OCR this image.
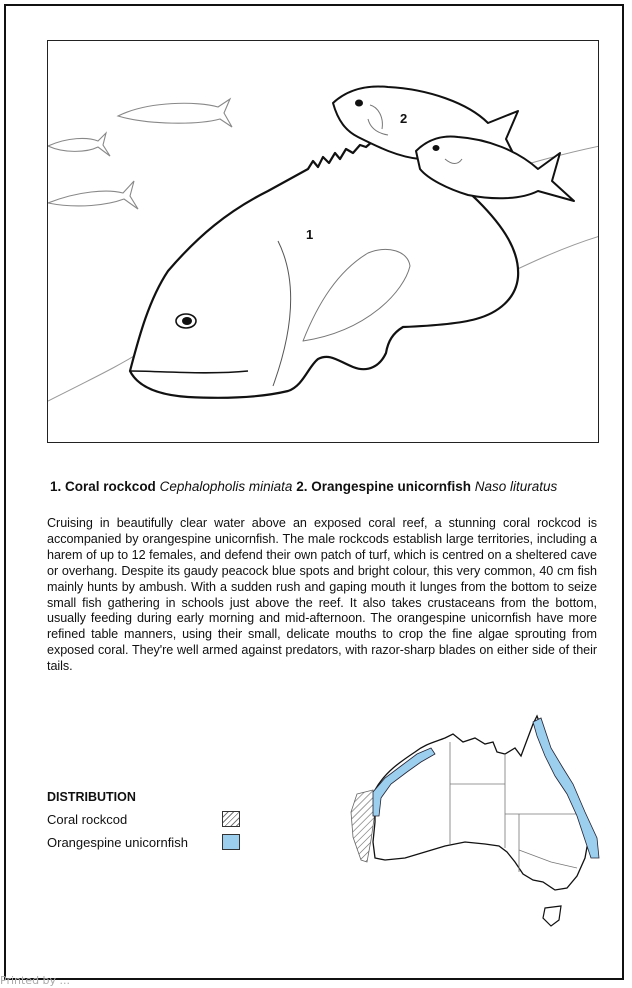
1
2
1. Coral rockcod Cephalopholis miniata 2. Orangespine unicornfish Naso lituratus
Cruising in beautifully clear water above an exposed coral reef, a stunning coral rockcod is accompanied by orangespine unicornfish. The male rockcods establish large territories, including a harem of up to 12 females, and defend their own patch of turf, which is centred on a sheltered cave or overhang. Despite its gaudy peacock blue spots and bright colour, this very common, 40 cm fish mainly hunts by ambush. With a sudden rush and gaping mouth it lunges from the bottom to seize small fish gathering in schools just above the reef. It also takes crustaceans from the bottom, usually feeding during early morning and mid-afternoon. The orangespine unicornfish have more refined table manners, using their small, delicate mouths to crop the fine algae sprouting from exposed coral. They're well armed against predators, with razor-sharp blades on either side of their tails.
DISTRIBUTION
Coral rockcod
Orangespine unicornfish
Printed by ...
